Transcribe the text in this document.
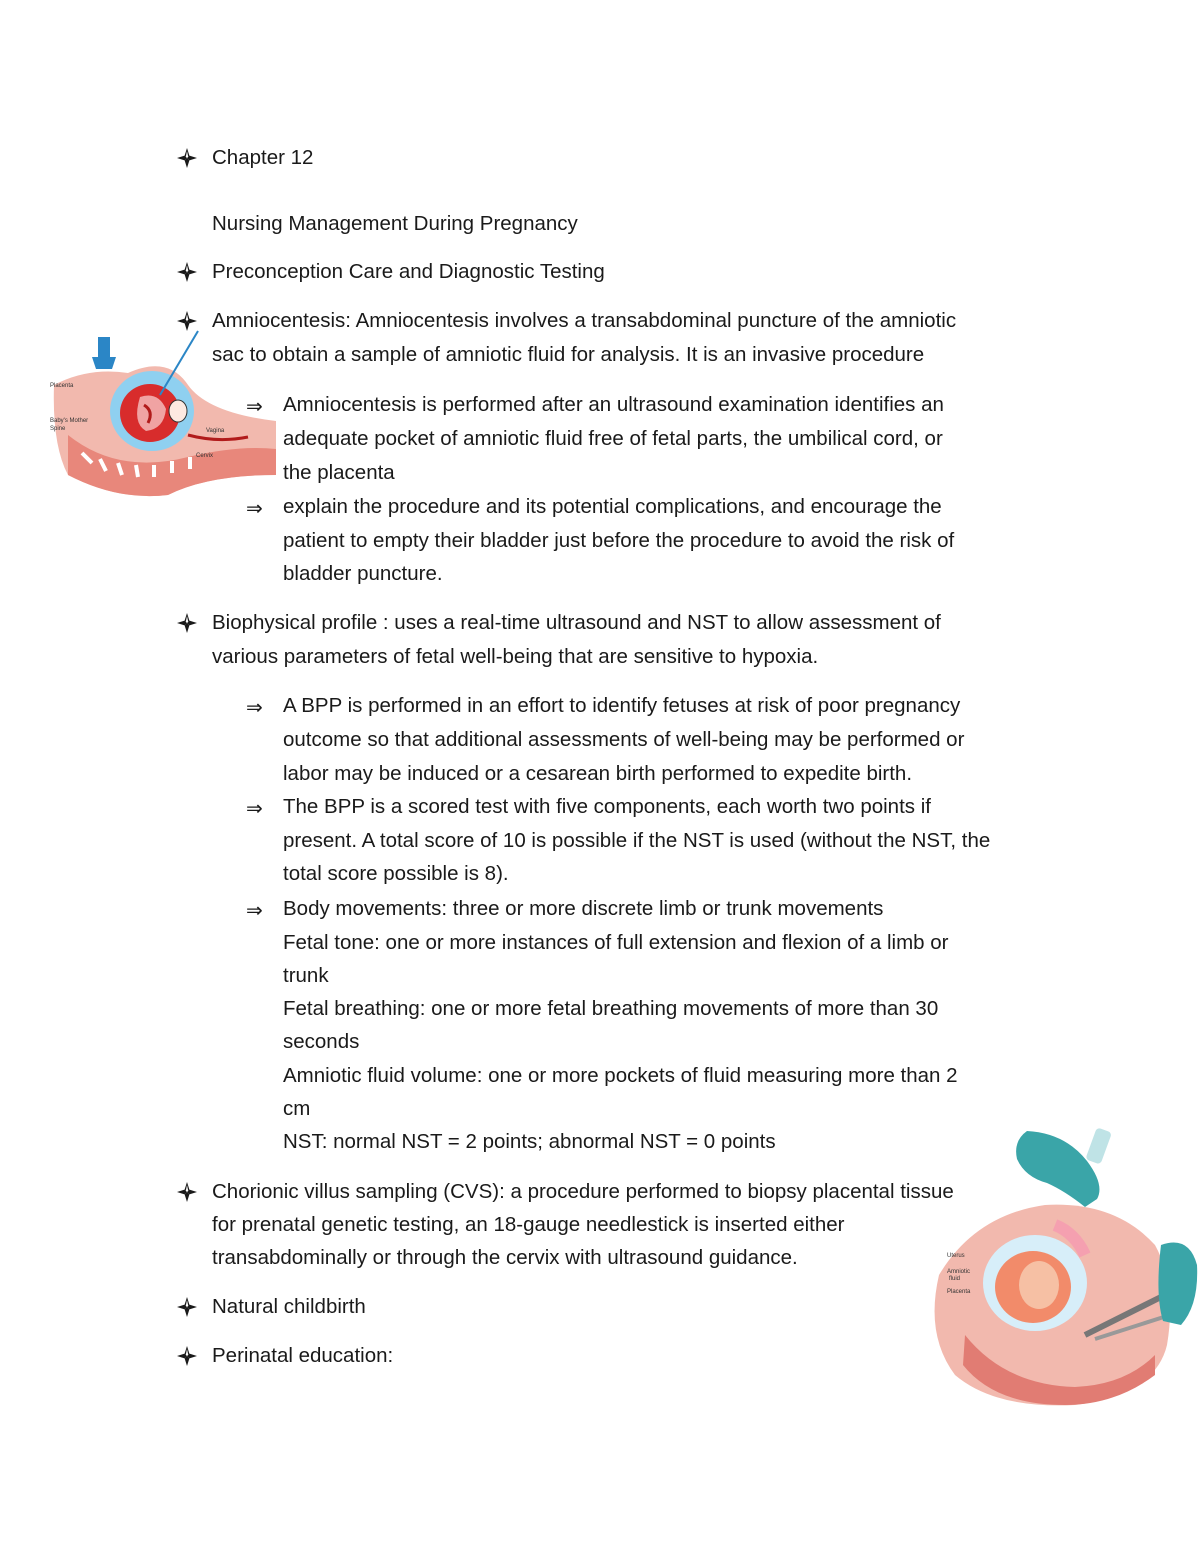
Chapter 12
Nursing Management During Pregnancy
Preconception Care and Diagnostic Testing
Amniocentesis: Amniocentesis involves a transabdominal puncture of the amniotic
sac to obtain a sample of amniotic fluid for analysis. It is an invasive procedure
⇒ Amniocentesis is performed after an ultrasound examination identifies an
adequate pocket of amniotic fluid free of fetal parts, the umbilical cord, or
the placenta
⇒ explain the procedure and its potential complications, and encourage the
patient to empty their bladder just before the procedure to avoid the risk of
bladder puncture.
Biophysical profile : uses a real-time ultrasound and NST to allow assessment of
various parameters of fetal well-being that are sensitive to hypoxia.
⇒ A BPP is performed in an effort to identify fetuses at risk of poor pregnancy
outcome so that additional assessments of well-being may be performed or
labor may be induced or a cesarean birth performed to expedite birth.
⇒ The BPP is a scored test with five components, each worth two points if
present. A total score of 10 is possible if the NST is used (without the NST, the
total score possible is 8).
⇒ Body movements: three or more discrete limb or trunk movements
Fetal tone: one or more instances of full extension and flexion of a limb or
trunk
Fetal breathing: one or more fetal breathing movements of more than 30
seconds
Amniotic fluid volume: one or more pockets of fluid measuring more than 2
cm
NST: normal NST = 2 points; abnormal NST = 0 points
Chorionic villus sampling (CVS): a procedure performed to biopsy placental tissue
for prenatal genetic testing, an 18-gauge needlestick is inserted either
transabdominally or through the cervix with ultrasound guidance.
Natural childbirth
Perinatal education:
Placenta
Baby's Mother
Spine	Vagina
Cervix
Uterus
Amniotic
fluid
Placenta
